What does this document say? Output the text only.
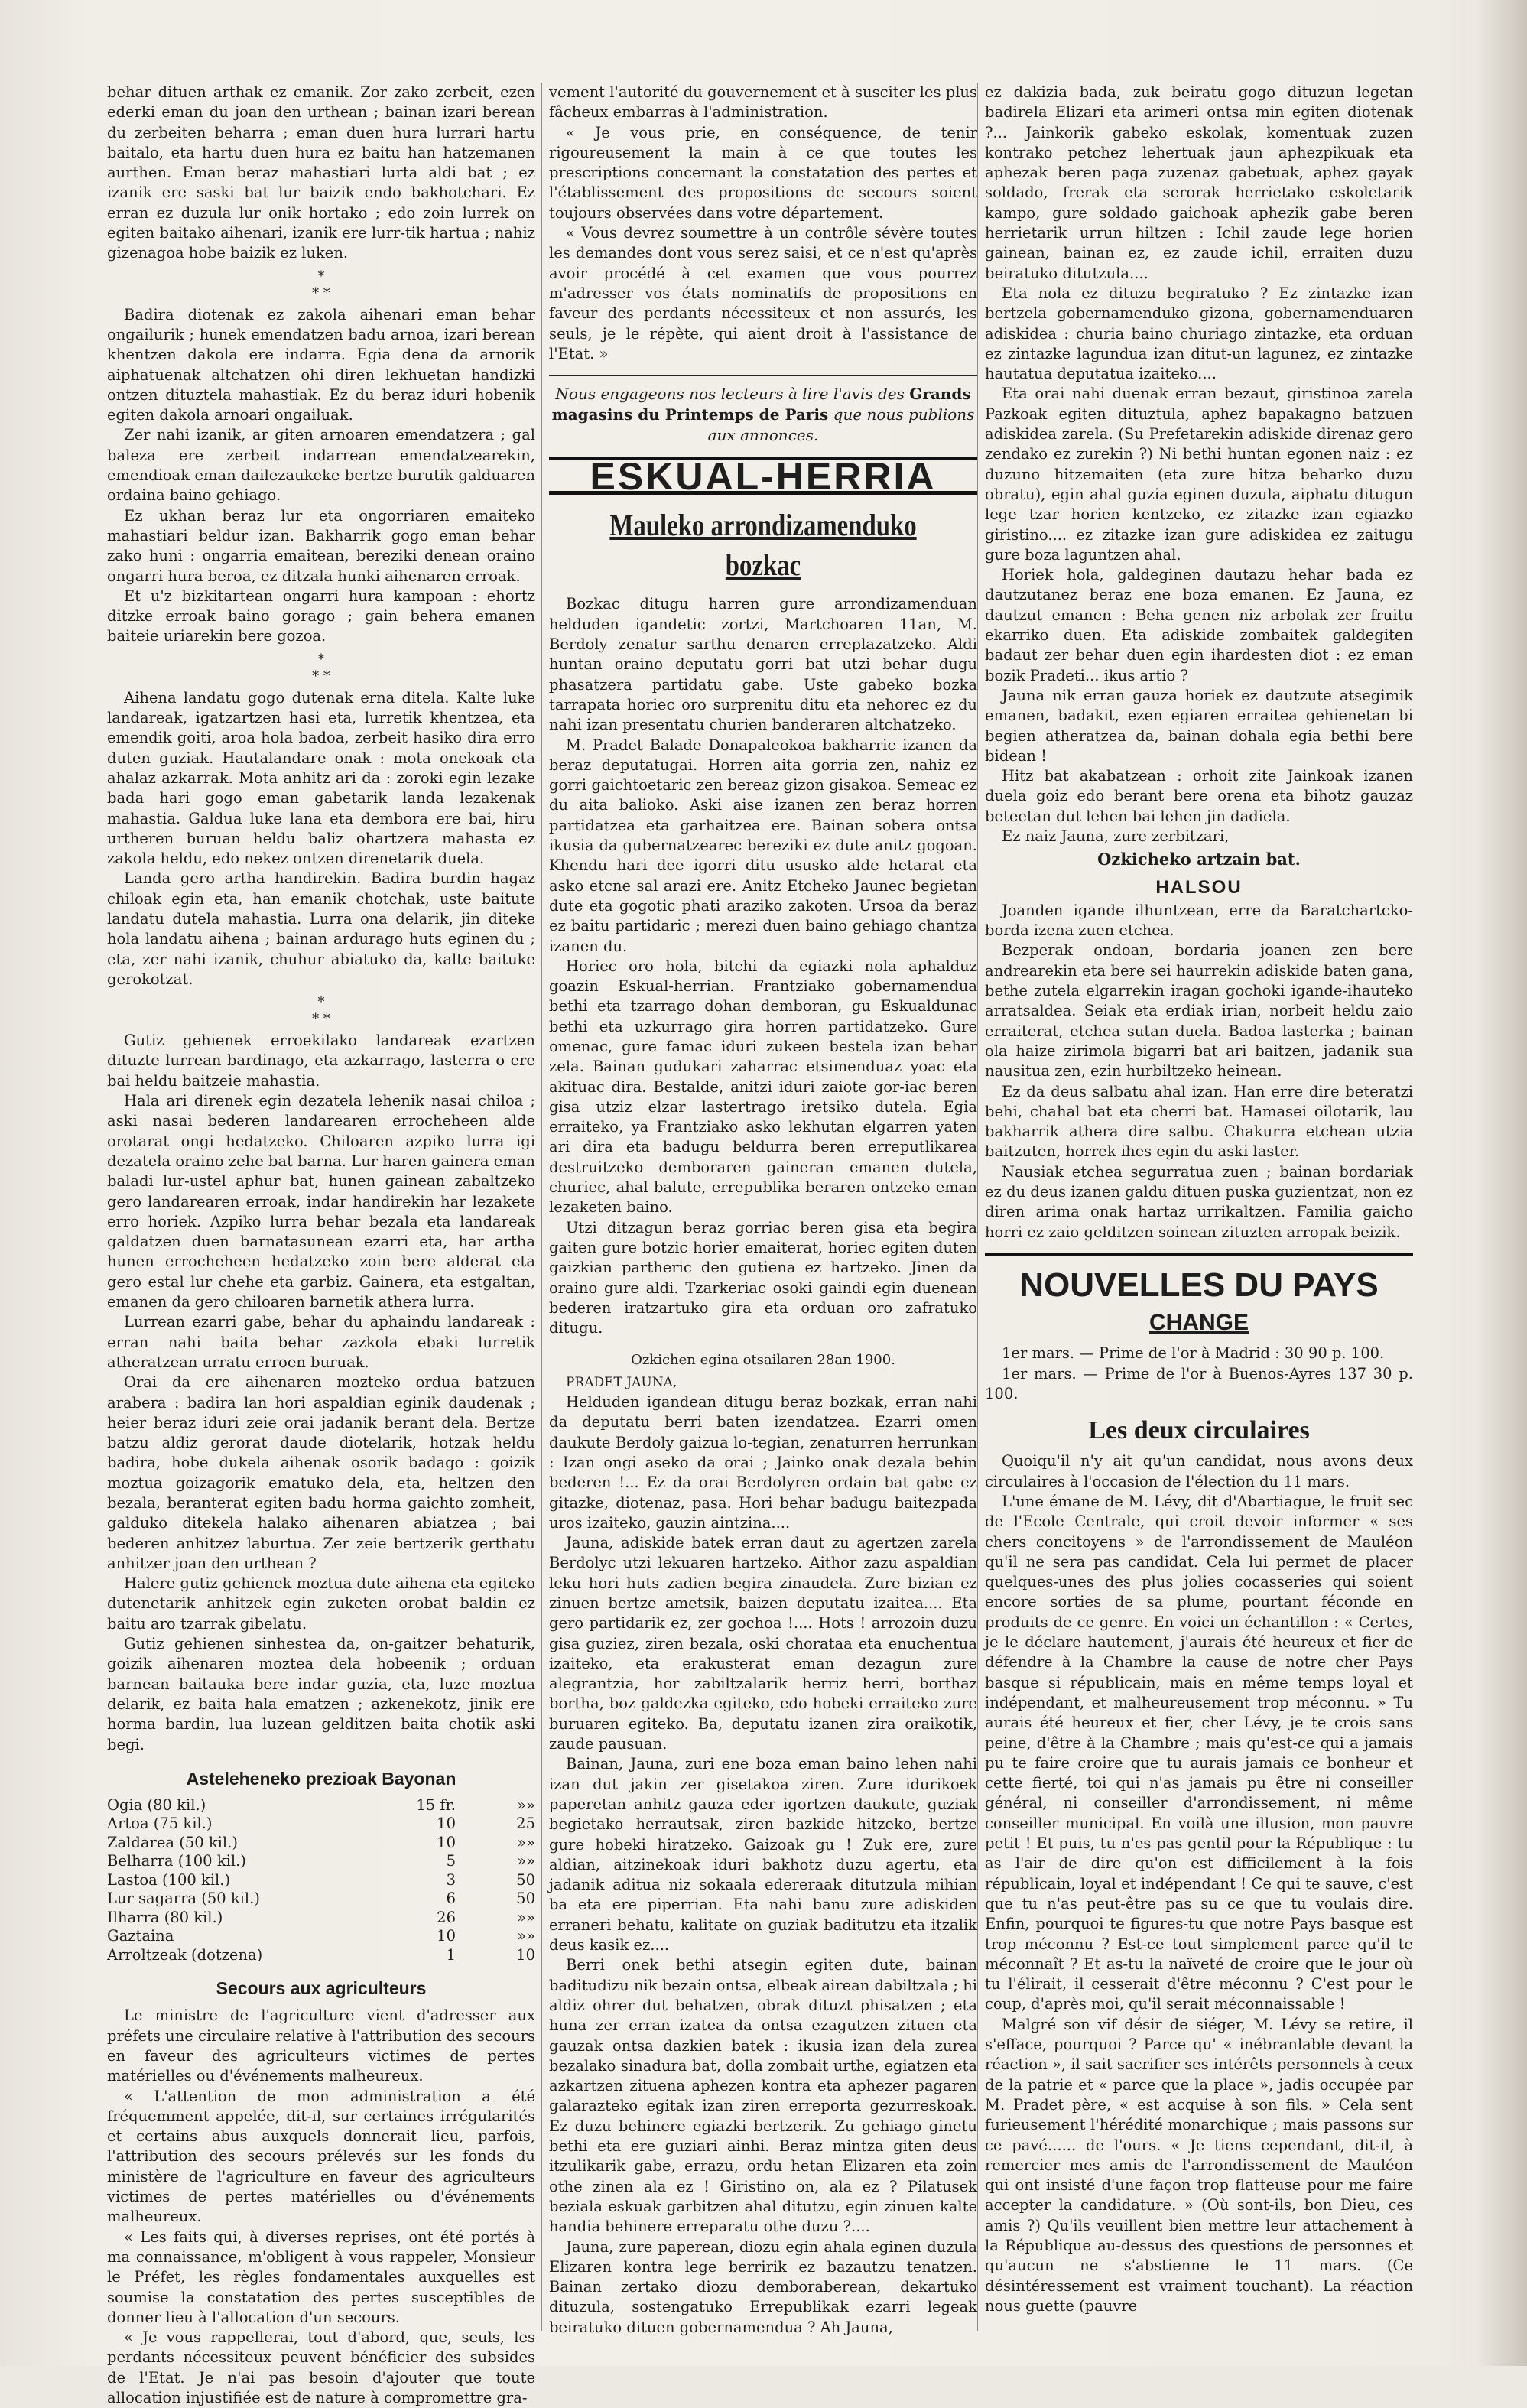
behar dituen arthak ez emanik. Zor zako zerbeit, ezen ederki eman du joan den urthean ; bainan izari berean du zerbeiten beharra ; eman duen hura lurrari hartu baitalo, eta hartu duen hura ez baitu han hatzemanen aurthen. Eman beraz mahastiari lurta aldi bat ; ez izanik ere saski bat lur baizik endo bakhotchari. Ez erran ez duzula lur onik hortako ; edo zoin lurrek on egiten baitako aihenari, izanik ere lurr-tik hartua ; nahiz gizenagoa hobe baizik ez luken.

*
* *

Badira diotenak ez zakola aihenari eman behar ongailurik ; hunek emendatzen badu arnoa, izari berean khentzen dakola ere indarra. Egia dena da arnorik aiphatuenak altchatzen ohi diren lekhuetan handizki ontzen dituztela mahastiak. Ez du beraz iduri hobenik egiten dakola arnoari ongailuak.

Zer nahi izanik, ar giten arnoaren emendatzera ; gal baleza ere zerbeit indarrean emendatzearekin, emendioak eman dailezaukeke bertze burutik galduaren ordaina baino gehiago.

Ez ukhan beraz lur eta ongorriaren emaiteko mahastiari beldur izan. Bakharrik gogo eman behar zako huni : ongarria emaitean, bereziki denean oraino ongarri hura beroa, ez ditzala hunki aihenaren erroak.

Et u'z bizkitartean ongarri hura kampoan : ehortz ditzke erroak baino gorago ; gain behera emanen baiteie uriarekin bere gozoa.

*
* *

Aihena landatu gogo dutenak erna ditela. Kalte luke landareak, igatzartzen hasi eta, lurretik khentzea, eta emendik goiti, aroa hola badoa, zerbeit hasiko dira erro duten guziak. Hautalandare onak : mota onekoak eta ahalaz azkarrak. Mota anhitz ari da : zoroki egin lezake bada hari gogo eman gabetarik landa lezakenak mahastia. Galdua luke lana eta dembora ere bai, hiru urtheren buruan heldu baliz ohartzera mahasta ez zakola heldu, edo nekez ontzen direnetarik duela.

Landa gero artha handirekin. Badira burdin hagaz chiloak egin eta, han emanik chotchak, uste baitute landatu dutela mahastia. Lurra ona delarik, jin diteke hola landatu aihena ; bainan ardurago huts eginen du ; eta, zer nahi izanik, chuhur abiatuko da, kalte baituke gerokotzat.

*
* *

Gutiz gehienek erroekilako landareak ezartzen dituzte lurrean bardinago, eta azkarrago, lasterra o ere bai heldu baitzeie mahastia.

Hala ari direnek egin dezatela lehenik nasai chiloa ; aski nasai bederen landarearen errocheheen alde orotarat ongi hedatzeko. Chiloaren azpiko lurra igi dezatela oraino zehe bat barna. Lur haren gainera eman baladi lur-ustel aphur bat, hunen gainean zabaltzeko gero landarearen erroak, indar handirekin har lezakete erro horiek. Azpiko lurra behar bezala eta landareak galdatzen duen barnatasunean ezarri eta, har artha hunen errocheheen hedatzeko zoin bere alderat eta gero estal lur chehe eta garbiz. Gainera, eta estgaltan, emanen da gero chiloaren barnetik athera lurra.

Lurrean ezarri gabe, behar du aphaindu landareak : erran nahi baita behar zazkola ebaki lurretik atheratzean urratu erroen buruak.

Orai da ere aihenaren mozteko ordua batzuen arabera : badira lan hori aspaldian eginik daudenak ; heier beraz iduri zeie orai jadanik berant dela. Bertze batzu aldiz gerorat daude diotelarik, hotzak heldu badira, hobe dukela aihenak osorik badago : goizik moztua goizagorik ematuko dela, eta, heltzen den bezala, beranterat egiten badu horma gaichto zomheit, galduko ditekela halako aihenaren abiatzea ; bai bederen anhitzez laburtua. Zer zeie bertzerik gerthatu anhitzer joan den urthean ?

Halere gutiz gehienek moztua dute aihena eta egiteko dutenetarik anhitzek egin zuketen orobat baldin ez baitu aro tzarrak gibelatu.

Gutiz gehienen sinhestea da, on-gaitzer behaturik, goizik aihenaren moztea dela hobeenik ; orduan barnean baitauka bere indar guzia, eta, luze moztua delarik, ez baita hala ematzen ; azkenekotz, jinik ere horma bardin, lua luzean gelditzen baita chotik aski begi.

Asteleheneko prezioak Bayonan
Ogia (80 kil.)	15 fr.	»»
Artoa (75 kil.)	10	25
Zaldarea (50 kil.)	10	»»
Belharra (100 kil.)	5	»»
Lastoa (100 kil.)	3	50
Lur sagarra (50 kil.)	6	50
Ilharra (80 kil.)	26	»»
Gaztaina	10	»»
Arroltzeak (dotzena)	1	10
Secours aux agriculteurs

Le ministre de l'agriculture vient d'adresser aux préfets une circulaire relative à l'attribution des secours en faveur des agriculteurs victimes de pertes matérielles ou d'événements malheureux.

« L'attention de mon administration a été fréquemment appelée, dit-il, sur certaines irrégularités et certains abus auxquels donnerait lieu, parfois, l'attribution des secours prélevés sur les fonds du ministère de l'agriculture en faveur des agriculteurs victimes de pertes matérielles ou d'événements malheureux.

« Les faits qui, à diverses reprises, ont été portés à ma connaissance, m'obligent à vous rappeler, Monsieur le Préfet, les règles fondamentales auxquelles est soumise la constatation des pertes susceptibles de donner lieu à l'allocation d'un secours.

« Je vous rappellerai, tout d'abord, que, seuls, les perdants nécessiteux peuvent bénéficier des subsides de l'Etat. Je n'ai pas besoin d'ajouter que toute allocation injustifiée est de nature à compromettre gra-

vement l'autorité du gouvernement et à susciter les plus fâcheux embarras à l'administration.

« Je vous prie, en conséquence, de tenir rigoureusement la main à ce que toutes les prescriptions concernant la constatation des pertes et l'établissement des propositions de secours soient toujours observées dans votre département.

« Vous devrez soumettre à un contrôle sévère toutes les demandes dont vous serez saisi, et ce n'est qu'après avoir procédé à cet examen que vous pourrez m'adresser vos états nominatifs de propositions en faveur des perdants nécessiteux et non assurés, les seuls, je le répète, qui aient droit à l'assistance de l'Etat. »

Nous engageons nos lecteurs à lire l'avis des Grands magasins du Printemps de Paris que nous publions aux annonces.
ESKUAL-HERRIA
Mauleko arrondizamenduko bozkac

Bozkac ditugu harren gure arrondizamenduan helduden igandetic zortzi, Martchoaren 11an, M. Berdoly zenatur sarthu denaren erreplazatzeko. Aldi huntan oraino deputatu gorri bat utzi behar dugu phasatzera partidatu gabe. Uste gabeko bozka tarrapata horiec oro surprenitu ditu eta nehorec ez du nahi izan presentatu churien banderaren altchatzeko.

M. Pradet Balade Donapaleokoa bakharric izanen da beraz deputatugai. Horren aita gorria zen, nahiz ez gorri gaichtoetaric zen bereaz gizon gisakoa. Semeac ez du aita balioko. Aski aise izanen zen beraz horren partidatzea eta garhaitzea ere. Bainan sobera ontsa ikusia da gubernatzearec bereziki ez dute anitz gogoan. Khendu hari dee igorri ditu ususko alde hetarat eta asko etcne sal arazi ere. Anitz Etcheko Jaunec begietan dute eta gogotic phati araziko zakoten. Ursoa da beraz ez baitu partidaric ; merezi duen baino gehiago chantza izanen du.

Horiec oro hola, bitchi da egiazki nola aphalduz goazin Eskual-herrian. Frantziako gobernamendua bethi eta tzarrago dohan demboran, gu Eskualdunac bethi eta uzkurrago gira horren partidatzeko. Gure omenac, gure famac iduri zukeen bestela izan behar zela. Bainan gudukari zaharrac etsimenduaz yoac eta akituac dira. Bestalde, anitzi iduri zaiote gor-iac beren gisa utziz elzar lastertrago iretsiko dutela. Egia erraiteko, ya Frantziako asko lekhutan elgarren yaten ari dira eta badugu beldurra beren erreputlikarea destruitzeko demboraren gaineran emanen dutela, churiec, ahal balute, errepublika beraren ontzeko eman lezaketen baino.

Utzi ditzagun beraz gorriac beren gisa eta begira gaiten gure botzic horier emaiterat, horiec egiten duten gaizkian partheric den gutiena ez hartzeko. Jinen da oraino gure aldi. Tzarkeriac osoki gaindi egin duenean bederen iratzartuko gira eta orduan oro zafratuko ditugu.

Ozkichen egina otsailaren 28an 1900.

PRADET JAUNA,

Helduden igandean ditugu beraz bozkak, erran nahi da deputatu berri baten izendatzea. Ezarri omen daukute Berdoly gaizua lo-tegian, zenaturren herrunkan : Izan ongi aseko da orai ; Jainko onak dezala behin bederen !... Ez da orai Berdolyren ordain bat gabe ez gitazke, diotenaz, pasa. Hori behar badugu baitezpada uros izaiteko, gauzin aintzina....

Jauna, adiskide batek erran daut zu agertzen zarela Berdolyc utzi lekuaren hartzeko. Aithor zazu aspaldian leku hori huts zadien begira zinaudela. Zure bizian ez zinuen bertze ametsik, baizen deputatu izaitea.... Eta gero partidarik ez, zer gochoa !.... Hots ! arrozoin duzu gisa guziez, ziren bezala, oski chorataa eta enuchentua izaiteko, eta erakusterat eman dezagun zure alegrantzia, hor zabiltzalarik herriz herri, borthaz bortha, boz galdezka egiteko, edo hobeki erraiteko zure buruaren egiteko. Ba, deputatu izanen zira oraikotik, zaude pausuan.

Bainan, Jauna, zuri ene boza eman baino lehen nahi izan dut jakin zer gisetakoa ziren. Zure idurikoek paperetan anhitz gauza eder igortzen daukute, guziak begietako herrautsak, ziren bazkide hitzeko, bertze gure hobeki hiratzeko. Gaizoak gu ! Zuk ere, zure aldian, aitzinekoak iduri bakhotz duzu agertu, eta jadanik aditua niz sokaala edereraak ditutzula mihian ba eta ere piperrian. Eta nahi banu zure adiskiden erraneri behatu, kalitate on guziak baditutzu eta itzalik deus kasik ez....

Berri onek bethi atsegin egiten dute, bainan baditudizu nik bezain ontsa, elbeak airean dabiltzala ; hi aldiz ohrer dut behatzen, obrak dituzt phisatzen ; eta huna zer erran izatea da ontsa ezagutzen zituen eta gauzak ontsa dazkien batek : ikusia izan dela zurea bezalako sinadura bat, dolla zombait urthe, egiatzen eta azkartzen zituena aphezen kontra eta aphezer pagaren galarazteko egitak izan ziren erreporta gezurreskoak. Ez duzu behinere egiazki bertzerik. Zu gehiago ginetu bethi eta ere guziari ainhi. Beraz mintza giten deus itzulikarik gabe, errazu, ordu hetan Elizaren eta zoin othe zinen ala ez ! Giristino on, ala ez ? Pilatusek beziala eskuak garbitzen ahal ditutzu, egin zinuen kalte handia behinere erreparatu othe duzu ?....

Jauna, zure paperean, diozu egin ahala eginen duzula Elizaren kontra lege berririk ez bazautzu tenatzen. Bainan zertako diozu demboraberean, dekartuko dituzula, sostengatuko Errepublikak ezarri legeak beiratuko dituen gobernamendua ? Ah Jauna,

ez dakizia bada, zuk beiratu gogo dituzun legetan badirela Elizari eta arimeri ontsa min egiten diotenak ?... Jainkorik gabeko eskolak, komentuak zuzen kontrako petchez lehertuak jaun aphezpikuak eta aphezak beren paga zuzenaz gabetuak, aphez gayak soldado, frerak eta serorak herrietako eskoletarik kampo, gure soldado gaichoak aphezik gabe beren herrietarik urrun hiltzen : Ichil zaude lege horien gainean, bainan ez, ez zaude ichil, erraiten duzu beiratuko ditutzula....

Eta nola ez dituzu begiratuko ? Ez zintazke izan bertzela gobernamenduko gizona, gobernamenduaren adiskidea : churia baino churiago zintazke, eta orduan ez zintazke lagundua izan ditut-un lagunez, ez zintazke hautatua deputatua izaiteko....

Eta orai nahi duenak erran bezaut, giristinoa zarela Pazkoak egiten dituztula, aphez bapakagno batzuen adiskidea zarela. (Su Prefetarekin adiskide direnaz gero zendako ez zurekin ?) Ni bethi huntan egonen naiz : ez duzuno hitzemaiten (eta zure hitza beharko duzu obratu), egin ahal guzia eginen duzula, aiphatu ditugun lege tzar horien kentzeko, ez zitazke izan egiazko giristino.... ez zitazke izan gure adiskidea ez zaitugu gure boza laguntzen ahal.

Horiek hola, galdeginen dautazu hehar bada ez dautzutanez beraz ene boza emanen. Ez Jauna, ez dautzut emanen : Beha genen niz arbolak zer fruitu ekarriko duen. Eta adiskide zombaitek galdegiten badaut zer behar duen egin ihardesten diot : ez eman bozik Pradeti... ikus artio ?

Jauna nik erran gauza horiek ez dautzute atsegimik emanen, badakit, ezen egiaren erraitea gehienetan bi begien atheratzea da, bainan dohala egia bethi bere bidean !

Hitz bat akabatzean : orhoit zite Jainkoak izanen duela goiz edo berant bere orena eta bihotz gauzaz beteetan dut lehen bai lehen jin dadiela.

Ez naiz Jauna, zure zerbitzari,

Ozkicheko artzain bat.
HALSOU

Joanden igande ilhuntzean, erre da Baratchartcko-borda izena zuen etchea.

Bezperak ondoan, bordaria joanen zen bere andrearekin eta bere sei haurrekin adiskide baten gana, bethe zutela elgarrekin iragan gochoki igande-ihauteko arratsaldea. Seiak eta erdiak irian, norbeit heldu zaio erraiterat, etchea sutan duela. Badoa lasterka ; bainan ola haize zirimola bigarri bat ari baitzen, jadanik sua nausitua zen, ezin hurbiltzeko heinean.

Ez da deus salbatu ahal izan. Han erre dire beteratzi behi, chahal bat eta cherri bat. Hamasei oilotarik, lau bakharrik athera dire salbu. Chakurra etchean utzia baitzuten, horrek ihes egin du aski laster.

Nausiak etchea segurratua zuen ; bainan bordariak ez du deus izanen galdu dituen puska guzientzat, non ez diren arima onak hartaz urrikaltzen. Familia gaicho horri ez zaio gelditzen soinean zituzten arropak beizik.

NOUVELLES DU PAYS
CHANGE

1er mars. — Prime de l'or à Madrid : 30 90 p. 100.

1er mars. — Prime de l'or à Buenos-Ayres 137 30 p. 100.

Les deux circulaires

Quoiqu'il n'y ait qu'un candidat, nous avons deux circulaires à l'occasion de l'élection du 11 mars.

L'une émane de M. Lévy, dit d'Abartiague, le fruit sec de l'Ecole Centrale, qui croit devoir informer « ses chers concitoyens » de l'arrondissement de Mauléon qu'il ne sera pas candidat. Cela lui permet de placer quelques-unes des plus jolies cocasseries qui soient encore sorties de sa plume, pourtant féconde en produits de ce genre. En voici un échantillon : « Certes, je le déclare hautement, j'aurais été heureux et fier de défendre à la Chambre la cause de notre cher Pays basque si républicain, mais en même temps loyal et indépendant, et malheureusement trop méconnu. » Tu aurais été heureux et fier, cher Lévy, je te crois sans peine, d'être à la Chambre ; mais qu'est-ce qui a jamais pu te faire croire que tu aurais jamais ce bonheur et cette fierté, toi qui n'as jamais pu être ni conseiller général, ni conseiller d'arrondissement, ni même conseiller municipal. En voilà une illusion, mon pauvre petit ! Et puis, tu n'es pas gentil pour la République : tu as l'air de dire qu'on est difficilement à la fois républicain, loyal et indépendant ! Ce qui te sauve, c'est que tu n'as peut-être pas su ce que tu voulais dire. Enfin, pourquoi te figures-tu que notre Pays basque est trop méconnu ? Est-ce tout simplement parce qu'il te méconnaît ? Et as-tu la naïveté de croire que le jour où tu l'élirait, il cesserait d'être méconnu ? C'est pour le coup, d'après moi, qu'il serait méconnaissable !

Malgré son vif désir de siéger, M. Lévy se retire, il s'efface, pourquoi ? Parce qu' « inébranlable devant la réaction », il sait sacrifier ses intérêts personnels à ceux de la patrie et « parce que la place », jadis occupée par M. Pradet père, « est acquise à son fils. » Cela sent furieusement l'hérédité monarchique ; mais passons sur ce pavé...... de l'ours. « Je tiens cependant, dit-il, à remercier mes amis de l'arrondissement de Mauléon qui ont insisté d'une façon trop flatteuse pour me faire accepter la candidature. » (Où sont-ils, bon Dieu, ces amis ?) Qu'ils veuillent bien mettre leur attachement à la République au-dessus des questions de personnes et qu'aucun ne s'abstienne le 11 mars. (Ce désintéressement est vraiment touchant). La réaction nous guette (pauvre
